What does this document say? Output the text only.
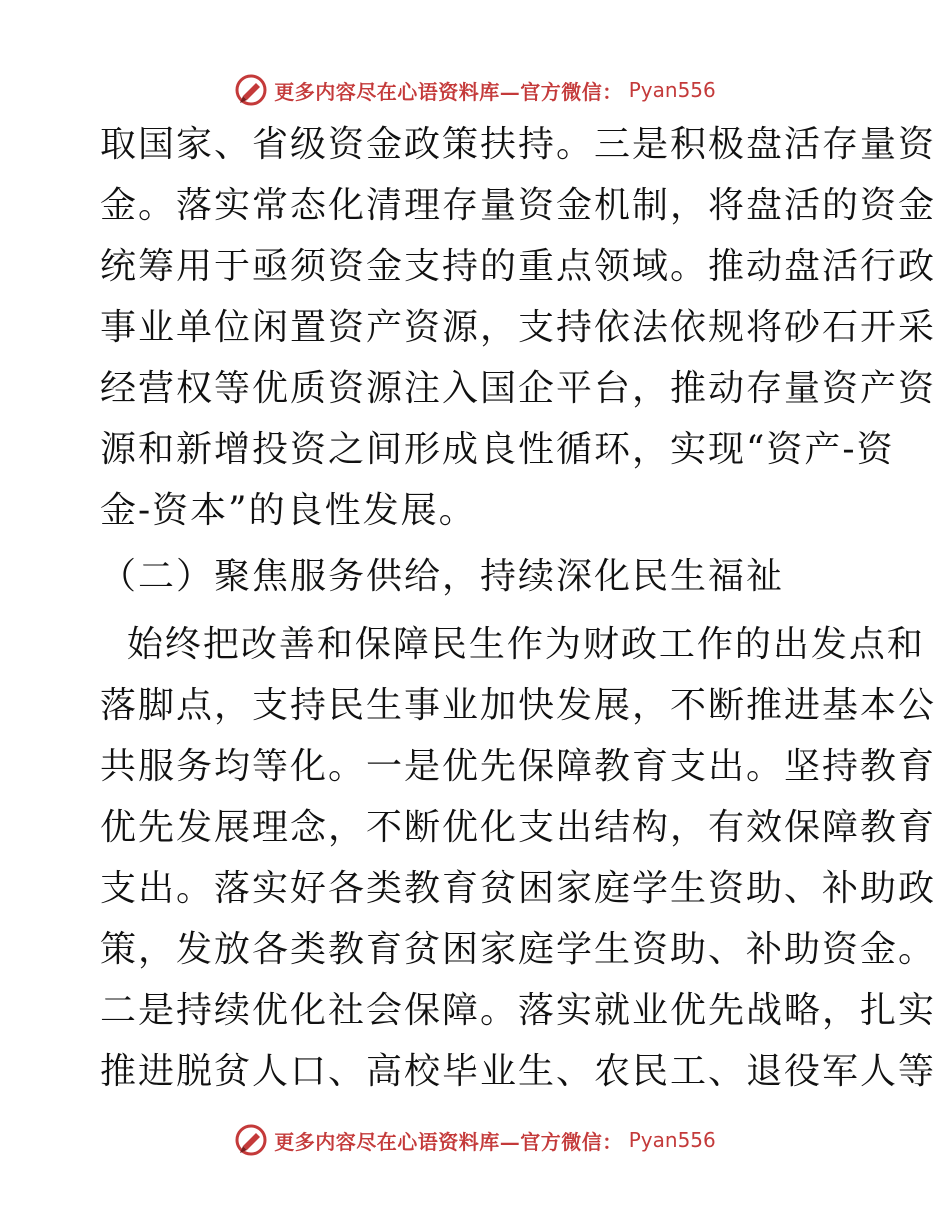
更多内容尽在心语资料库—官方微信： Pyan556
取国家、省级资金政策扶持。三是积极盘活存量资
金。落实常态化清理存量资金机制，将盘活的资金
统筹用于亟须资金支持的重点领域。推动盘活行政
事业单位闲置资产资源，支持依法依规将砂石开采
经营权等优质资源注入国企平台，推动存量资产资
源和新增投资之间形成良性循环，实现“资产-资
金-资本”的良性发展。
（二）聚焦服务供给，持续深化民生福祉
始终把改善和保障民生作为财政工作的出发点和
落脚点，支持民生事业加快发展，不断推进基本公
共服务均等化。一是优先保障教育支出。坚持教育
优先发展理念，不断优化支出结构，有效保障教育
支出。落实好各类教育贫困家庭学生资助、补助政
策，发放各类教育贫困家庭学生资助、补助资金。
二是持续优化社会保障。落实就业优先战略，扎实
推进脱贫人口、高校毕业生、农民工、退役军人等
更多内容尽在心语资料库—官方微信： Pyan556
